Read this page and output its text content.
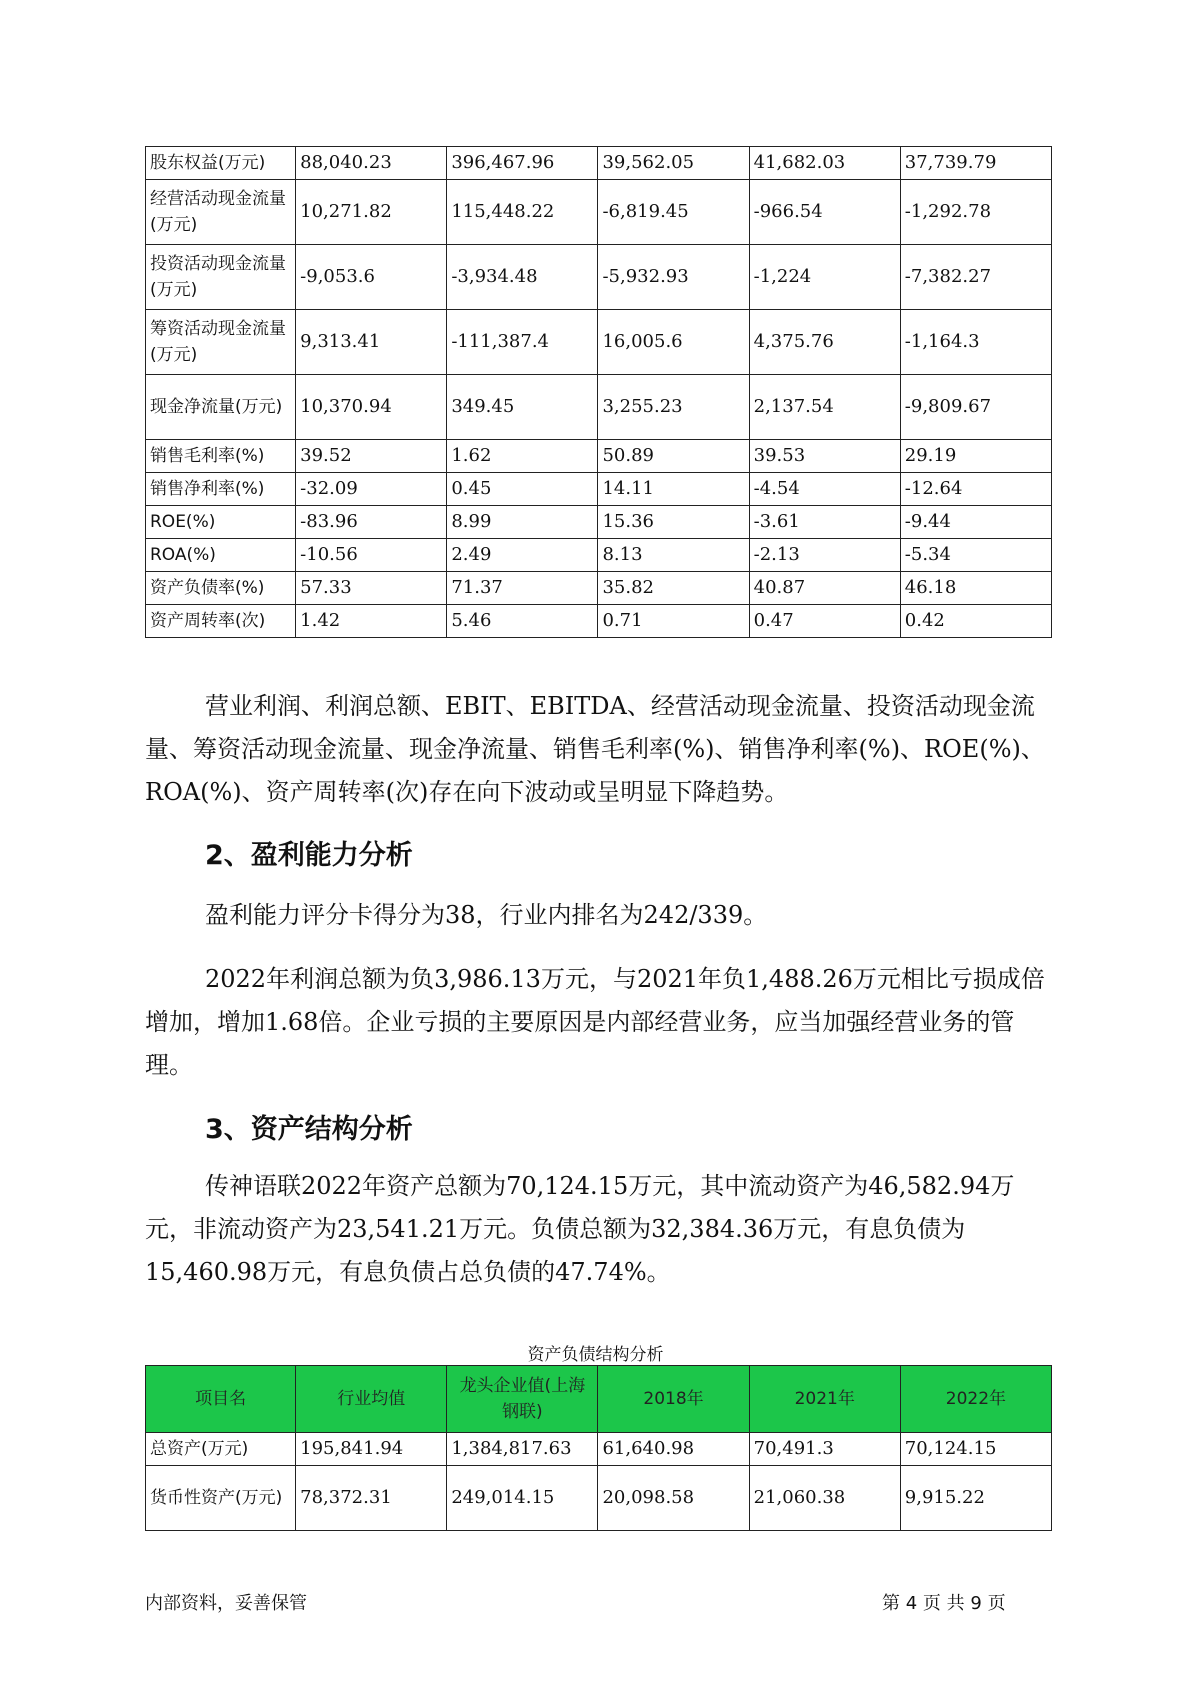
股东权益(万元)	88,040.23	396,467.96	39,562.05	41,682.03	37,739.79
经营活动现金流量(万元)	10,271.82	115,448.22	-6,819.45	-966.54	-1,292.78
投资活动现金流量(万元)	-9,053.6	-3,934.48	-5,932.93	-1,224	-7,382.27
筹资活动现金流量(万元)	9,313.41	-111,387.4	16,005.6	4,375.76	-1,164.3
现金净流量(万元)	10,370.94	349.45	3,255.23	2,137.54	-9,809.67
销售毛利率(%)	39.52	1.62	50.89	39.53	29.19
销售净利率(%)	-32.09	0.45	14.11	-4.54	-12.64
ROE(%)	-83.96	8.99	15.36	-3.61	-9.44
ROA(%)	-10.56	2.49	8.13	-2.13	-5.34
资产负债率(%)	57.33	71.37	35.82	40.87	46.18
资产周转率(次)	1.42	5.46	0.71	0.47	0.42

营业利润、利润总额、EBIT、EBITDA、经营活动现金流量、投资活动现金流量、筹资活动现金流量、现金净流量、销售毛利率(%)、销售净利率(%)、ROE(%)、ROA(%)、资产周转率(次)存在向下波动或呈明显下降趋势。

2、盈利能力分析

盈利能力评分卡得分为38，行业内排名为242/339。

2022年利润总额为负3,986.13万元，与2021年负1,488.26万元相比亏损成倍增加，增加1.68倍。企业亏损的主要原因是内部经营业务，应当加强经营业务的管理。

3、资产结构分析

传神语联2022年资产总额为70,124.15万元，其中流动资产为46,582.94万元，非流动资产为23,541.21万元。负债总额为32,384.36万元，有息负债为15,460.98万元，有息负债占总负债的47.74%。

资产负债结构分析
项目名	行业均值	龙头企业值(上海钢联)	2018年	2021年	2022年
总资产(万元)	195,841.94	1,384,817.63	61,640.98	70,491.3	70,124.15
货币性资产(万元)	78,372.31	249,014.15	20,098.58	21,060.38	9,915.22
内部资料，妥善保管	第 4 页 共 9 页
